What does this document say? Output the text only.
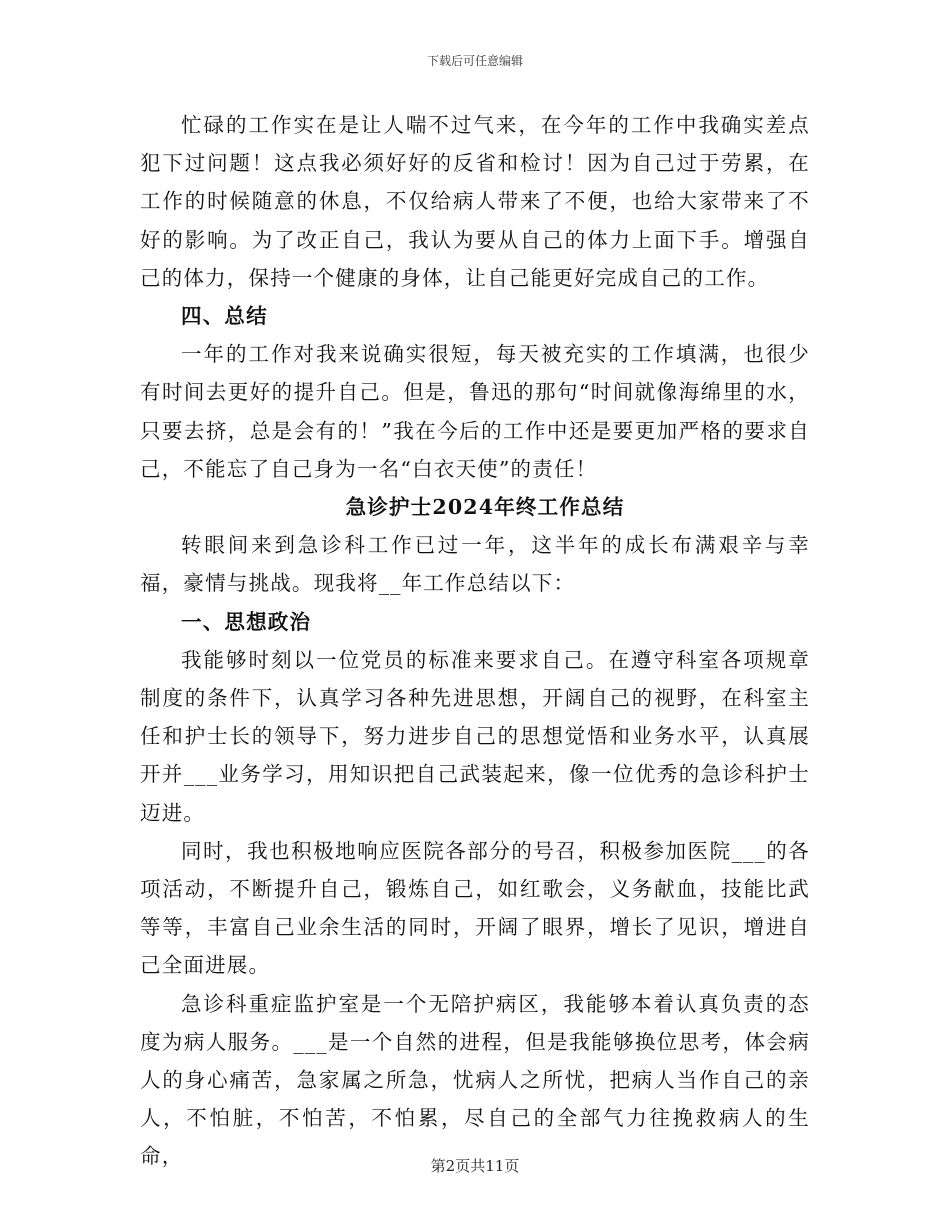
下载后可任意编辑

忙碌的工作实在是让人喘不过气来，在今年的工作中我确实差点犯下过问题！这点我必须好好的反省和检讨！因为自己过于劳累，在工作的时候随意的休息，不仅给病人带来了不便，也给大家带来了不好的影响。为了改正自己，我认为要从自己的体力上面下手。增强自己的体力，保持一个健康的身体，让自己能更好完成自己的工作。

四、总结

一年的工作对我来说确实很短，每天被充实的工作填满，也很少有时间去更好的提升自己。但是，鲁迅的那句“时间就像海绵里的水，只要去挤，总是会有的！”我在今后的工作中还是要更加严格的要求自己，不能忘了自己身为一名“白衣天使”的责任！

急诊护士2024年终工作总结

转眼间来到急诊科工作已过一年，这半年的成长布满艰辛与幸福，豪情与挑战。现我将__年工作总结以下：

一、思想政治

我能够时刻以一位党员的标准来要求自己。在遵守科室各项规章制度的条件下，认真学习各种先进思想，开阔自己的视野，在科室主任和护士长的领导下，努力进步自己的思想觉悟和业务水平，认真展开并___业务学习，用知识把自己武装起来，像一位优秀的急诊科护士迈进。

同时，我也积极地响应医院各部分的号召，积极参加医院___的各项活动，不断提升自己，锻炼自己，如红歌会，义务献血，技能比武等等，丰富自己业余生活的同时，开阔了眼界，增长了见识，增进自己全面进展。

急诊科重症监护室是一个无陪护病区，我能够本着认真负责的态度为病人服务。___是一个自然的进程，但是我能够换位思考，体会病人的身心痛苦，急家属之所急，忧病人之所忧，把病人当作自己的亲人，不怕脏，不怕苦，不怕累，尽自己的全部气力往挽救病人的生命，	第2页共11页
